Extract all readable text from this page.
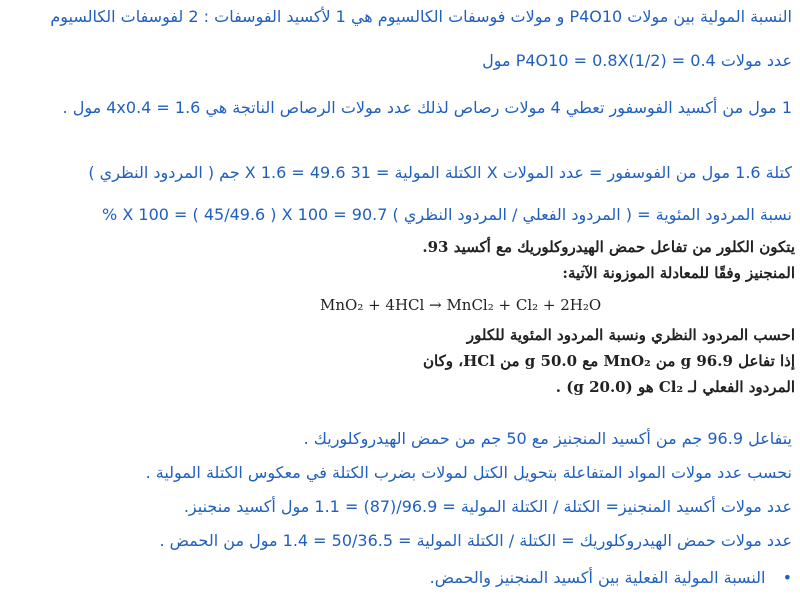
النسبة المولية بين مولات P4O10 و مولات فوسفات الكالسيوم هي 1 لأكسيد الفوسفات : 2 لفوسفات الكالسيوم
عدد مولات P4O10 = 0.8X(1/2) = 0.4 مول
1 مول من أكسيد الفوسفور تعطي 4 مولات رصاص لذلك عدد مولات الرصاص الناتجة هي 4x0.4 = 1.6 مول .
كتلة 1.6 مول من الفوسفور = عدد المولات X الكتلة المولية = 31 X 1.6 = 49.6 جم ( المردود النظري )
نسبة المردود المئوية = ( المردود الفعلي / المردود النظري ) X 100 = ( 45/49.6 ) X 100 = 90.7 %
يتكون الكلور من تفاعل حمض الهيدروكلوريك مع أكسيد 93.
المنجنيز وفقًا للمعادلة الموزونة الآتية:
MnO₂ + 4HCl → MnCl₂ + Cl₂ + 2H₂O
احسب المردود النظري ونسبة المردود المئوية للكلور
إذا تفاعل 96.9 g من MnO₂ مع 50.0 g من HCl، وكان
المردود الفعلي لـ Cl₂ هو (20.0 g) .
يتفاعل 96.9 جم من أكسيد المنجنيز مع 50 جم من حمض الهيدروكلوريك .
نحسب عدد مولات المواد المتفاعلة بتحويل الكتل لمولات بضرب الكتلة في معكوس الكتلة المولية .
عدد مولات أكسيد المنجنيز= الكتلة / الكتلة المولية = 96.9/(87) = 1.1 مول أكسيد منجنيز.
عدد مولات حمض الهيدروكلوريك = الكتلة / الكتلة المولية = 50/36.5 = 1.4 مول من الحمض .
• النسبة المولية الفعلية بين أكسيد المنجنيز والحمض.
